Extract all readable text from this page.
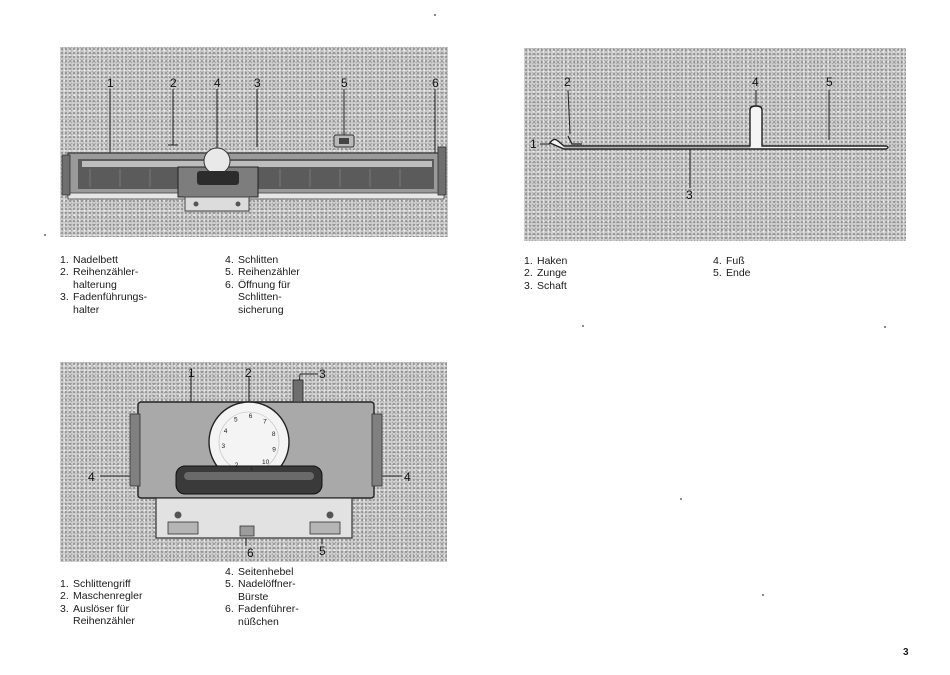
1	2	4	3	5	6
1. Nadelbett
2. Reihenzähler-
halterung
3. Fadenführungs-
halter
4. Schlitten
5. Reihenzähler
6. Öffnung für
Schlitten-
sicherung
2
1
4	5
3
1. Haken
2. Zunge
3. Schaft
4. Fuß
5. Ende
3
4
5 6
7
8
9
10
1
2
1	2	3
4	4
6	5
1. Schlittengriff
2. Maschenregler
3. Auslöser für
Reihenzähler
4. Seitenhebel
5. Nadelöffner-
Bürste
6. Fadenführer-
nüßchen
3
